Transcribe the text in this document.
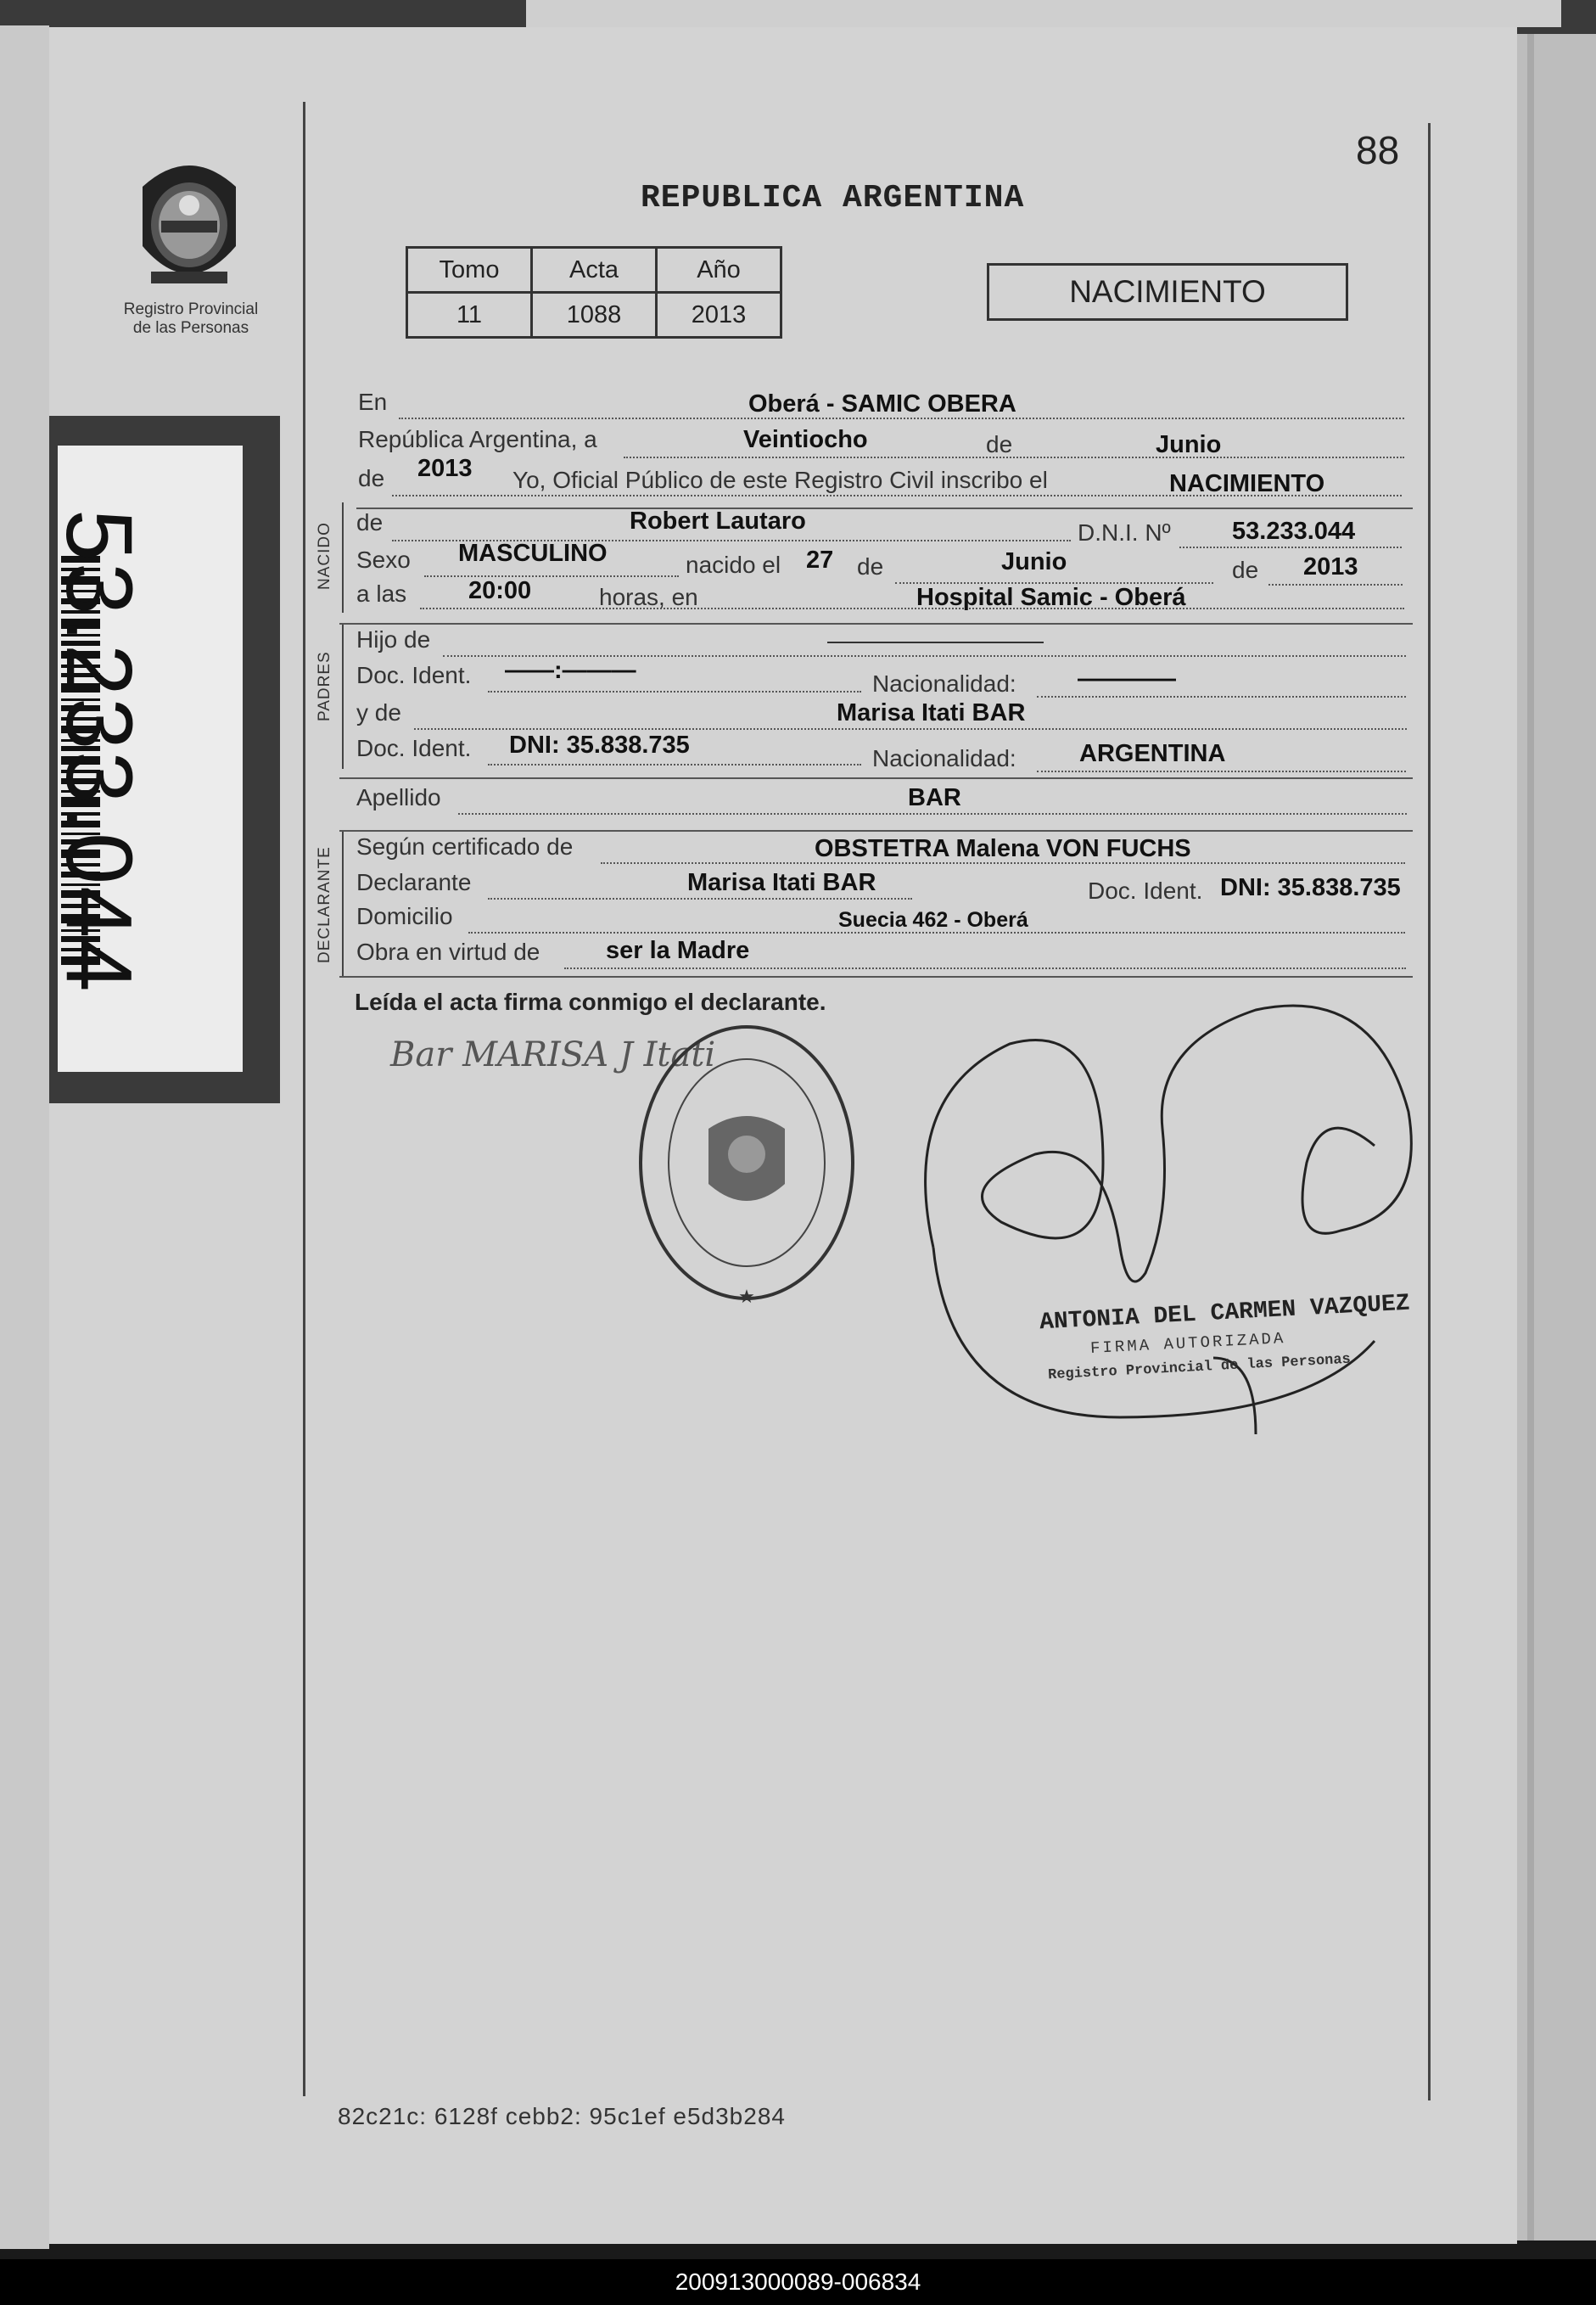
88
REPUBLICA ARGENTINA
Registro Provincial
de las Personas
Tomo	Acta	Año
11	1088	2013
NACIMIENTO
53.233.044
En	Oberá - SAMIC OBERA
República Argentina, a	Veintiocho	de	Junio
de 2013 Yo, Oficial Público de este Registro Civil inscribo el	NACIMIENTO
NACIDO de	Robert Lautaro	D.N.I. Nº 53.233.044
Sexo MASCULINO	nacido el 27 de	Junio	de 2013
a las	20:00	horas, en	Hospital Samic - Oberá
PADRES
Hijo de
Doc. Ident. ——:———	Nacionalidad: ————
y de	Marisa Itati BAR
Doc. Ident. DNI: 35.838.735	Nacionalidad:	ARGENTINA
Apellido	BAR
DECLARANTE Según certificado de	OBSTETRA Malena VON FUCHS
Declarante	Marisa Itati BAR	Doc. Ident. DNI: 35.838.735
Domicilio	Suecia 462 - Oberá
Obra en virtud de	ser la Madre
Leída el acta firma conmigo el declarante.
Bar MARISA J Itati
★	ANTONIA DEL CARMEN VAZQUEZ
FIRMA AUTORIZADA
Registro Provincial de las Personas
82c21c: 6128f cebb2: 95c1ef e5d3b284
200913000089-006834
